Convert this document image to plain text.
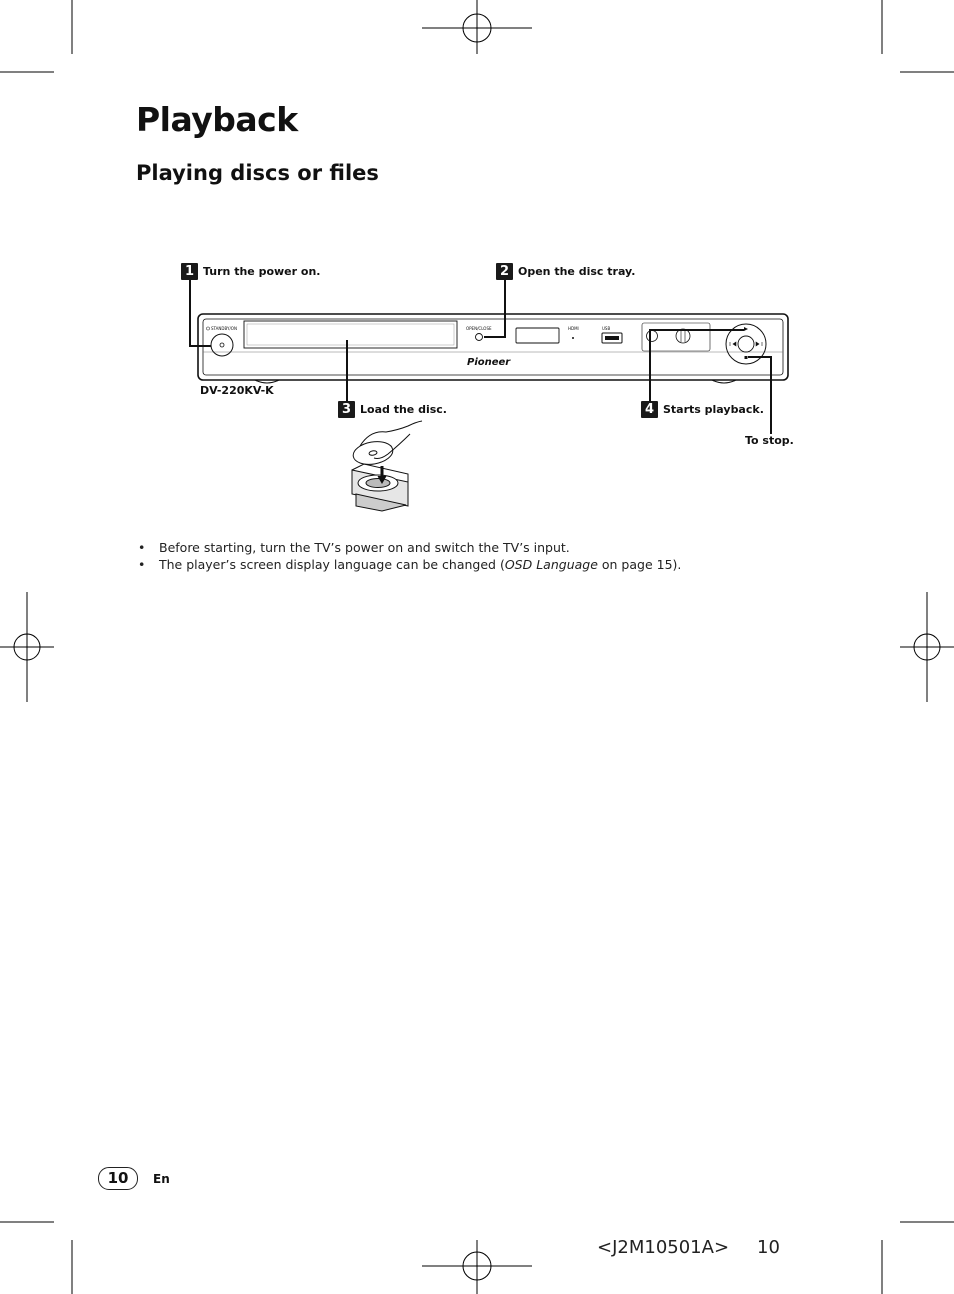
Playback
Playing discs or files
STANDBY/ON	OPEN/CLOSE	HDMI	USB
Pioneer
1 Turn the power on.	2 Open the disc tray.
3 Load the disc.	4 Starts playback.
To stop.
DV-220KV-K
• Before starting, turn the TV’s power on and switch the TV’s input.
• The player’s screen display language can be changed (OSD Language on page 15).
10	En
<J2M10501A> 10
